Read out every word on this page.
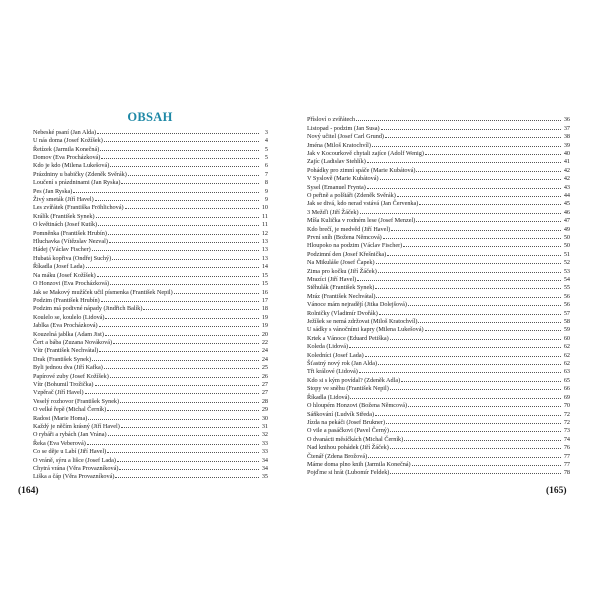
OBSAH
Nebeské psaní (Jan Alda)	3
U nás doma (Josef Kožíšek)	4
Řetízek (Jarmila Konečná)	5
Domov (Eva Procházková)	5
Kdo je kdo (Milena Lukešová)	6
Prázdniny u babičky (Zdeněk Svěrák)	7
Loučení s prázdninami (Jan Ryska)	8
Pes (Jan Ryska)	9
Živý smeták (Jiří Havel)	9
Les zvířátek (Františka Fröhlichová)	10
Králík (František Synek)	11
O květinách (Josef Kutík)	11
Pomněnka (František Hrubín)	12
Hluchavka (Vítězslav Nezval)	13
Hádej (Václav Fischer)	13
Hubatá kopřiva (Ondřej Suchý)	13
Říkadla (Josef Lada)	14
Na máku (Josef Kožíšek)	15
O Honzovi (Eva Procházková)	15
Jak se Makový mužíček učil písmenka (František Nepil)	16
Podzim (František Hrubín)	17
Podzim má podivné nápady (Jindřich Balík)	18
Koulelo se, koulelo (Lidová)	19
Jablka (Eva Procházková)	19
Kouzelná jablka (Adam Jist)	20
Čert a bába (Zuzana Nováková)	22
Vítr (František Nechvátal)	24
Drak (František Synek)	24
Byli jednou dva (Jiří Kafka)	25
Papírové zuby (Josef Kožíšek)	26
Vítr (Bohumil Trožička)	27
Vzpěrač (Jiří Havel)	27
Veselý rozhovor (František Synek)	28
O velké řepě (Michal Černík)	29
Radost (Marie Homa)	30
Každý je něčím krásný (Jiří Havel)	31
O rybáři a rybách (Jan Vrána)	32
Řeka (Eva Veberová)	33
Co se děje u Labí (Jiří Havel)	33
O vráně, sýru a lišce (Josef Lada)	34
Chytrá vrána (Věra Provazníková)	34
Liška a čáp (Věra Provazníková)	35
Přísloví o zvířátech	36
Listopad - podzim (Jan Susa)	37
Nový učitel (Josef Carl Grund)	38
Jména (Miloš Kratochvíl)	39
Jak v Kocourkově chytali zajíce (Adolf Wenig)	40
Zajíc (Ladislav Stehlík)	41
Pohádky pro zimní spáče (Marie Kubátová)	42
V Syslově (Marie Kubátová)	42
Sysel (Emanuel Frynta)	43
O peřině a polštáři (Zdeněk Svěrák)	44
Jak se divá, kdo nerad vstává (Jan Červenka)	45
3 Mežďi (Jiří Žáček)	46
Míša Kulička v rodném lese (Josef Menzel)	47
Kdo brečí, je medvěd (Jiří Havel)	49
První sníh (Božena Němcová)	50
Hloupoko na podzim (Václav Fischer)	50
Podzimní den (Josef Křešnička)	51
Na Mikuláše (Josef Čapek)	52
Zima pro kočku (Jiří Žáček)	53
Mrazíci (Jiří Havel)	54
Stěhulák (František Synek)	55
Mráz (František Nechvátal)	56
Vánoce mám nejradějí (Jitka Dolejšová)	56
Rolničky (Vladimír Dvořák)	57
Ježíšek se nemá zdržovat (Miloš Kratochvíl)	58
U sádky s vánočními kapry (Milena Lukešová)	59
Krtek a Vánoce (Eduard Petiška)	60
Koleda (Lidová)	62
Koledníci (Josef Lada)	62
Šťastný nový rok (Jan Alda)	62
Tři králové (Lidová)	63
Kdo si s kým povídal? (Zdeněk Adla)	65
Stopy ve sněhu (František Nepil)	66
Říkadla (Lidová)	69
O hloupém Honzovi (Božena Němcová)	70
Sáňkování (Ludvík Středa)	72
Jízda na pekáči (Josef Brukner)	72
O vile a pasáčkovi (Pavel Černý)	73
O dvanácti měsíčkách (Michal Černík)	74
Nad knihou pohádek (Jiří Žáček)	76
Čtenář (Zdena Brožová)	77
Máme doma plno knih (Jarmila Konečná)	77
Pojďme si hrát (Lubomír Feldek)	78
(164)	(165)
